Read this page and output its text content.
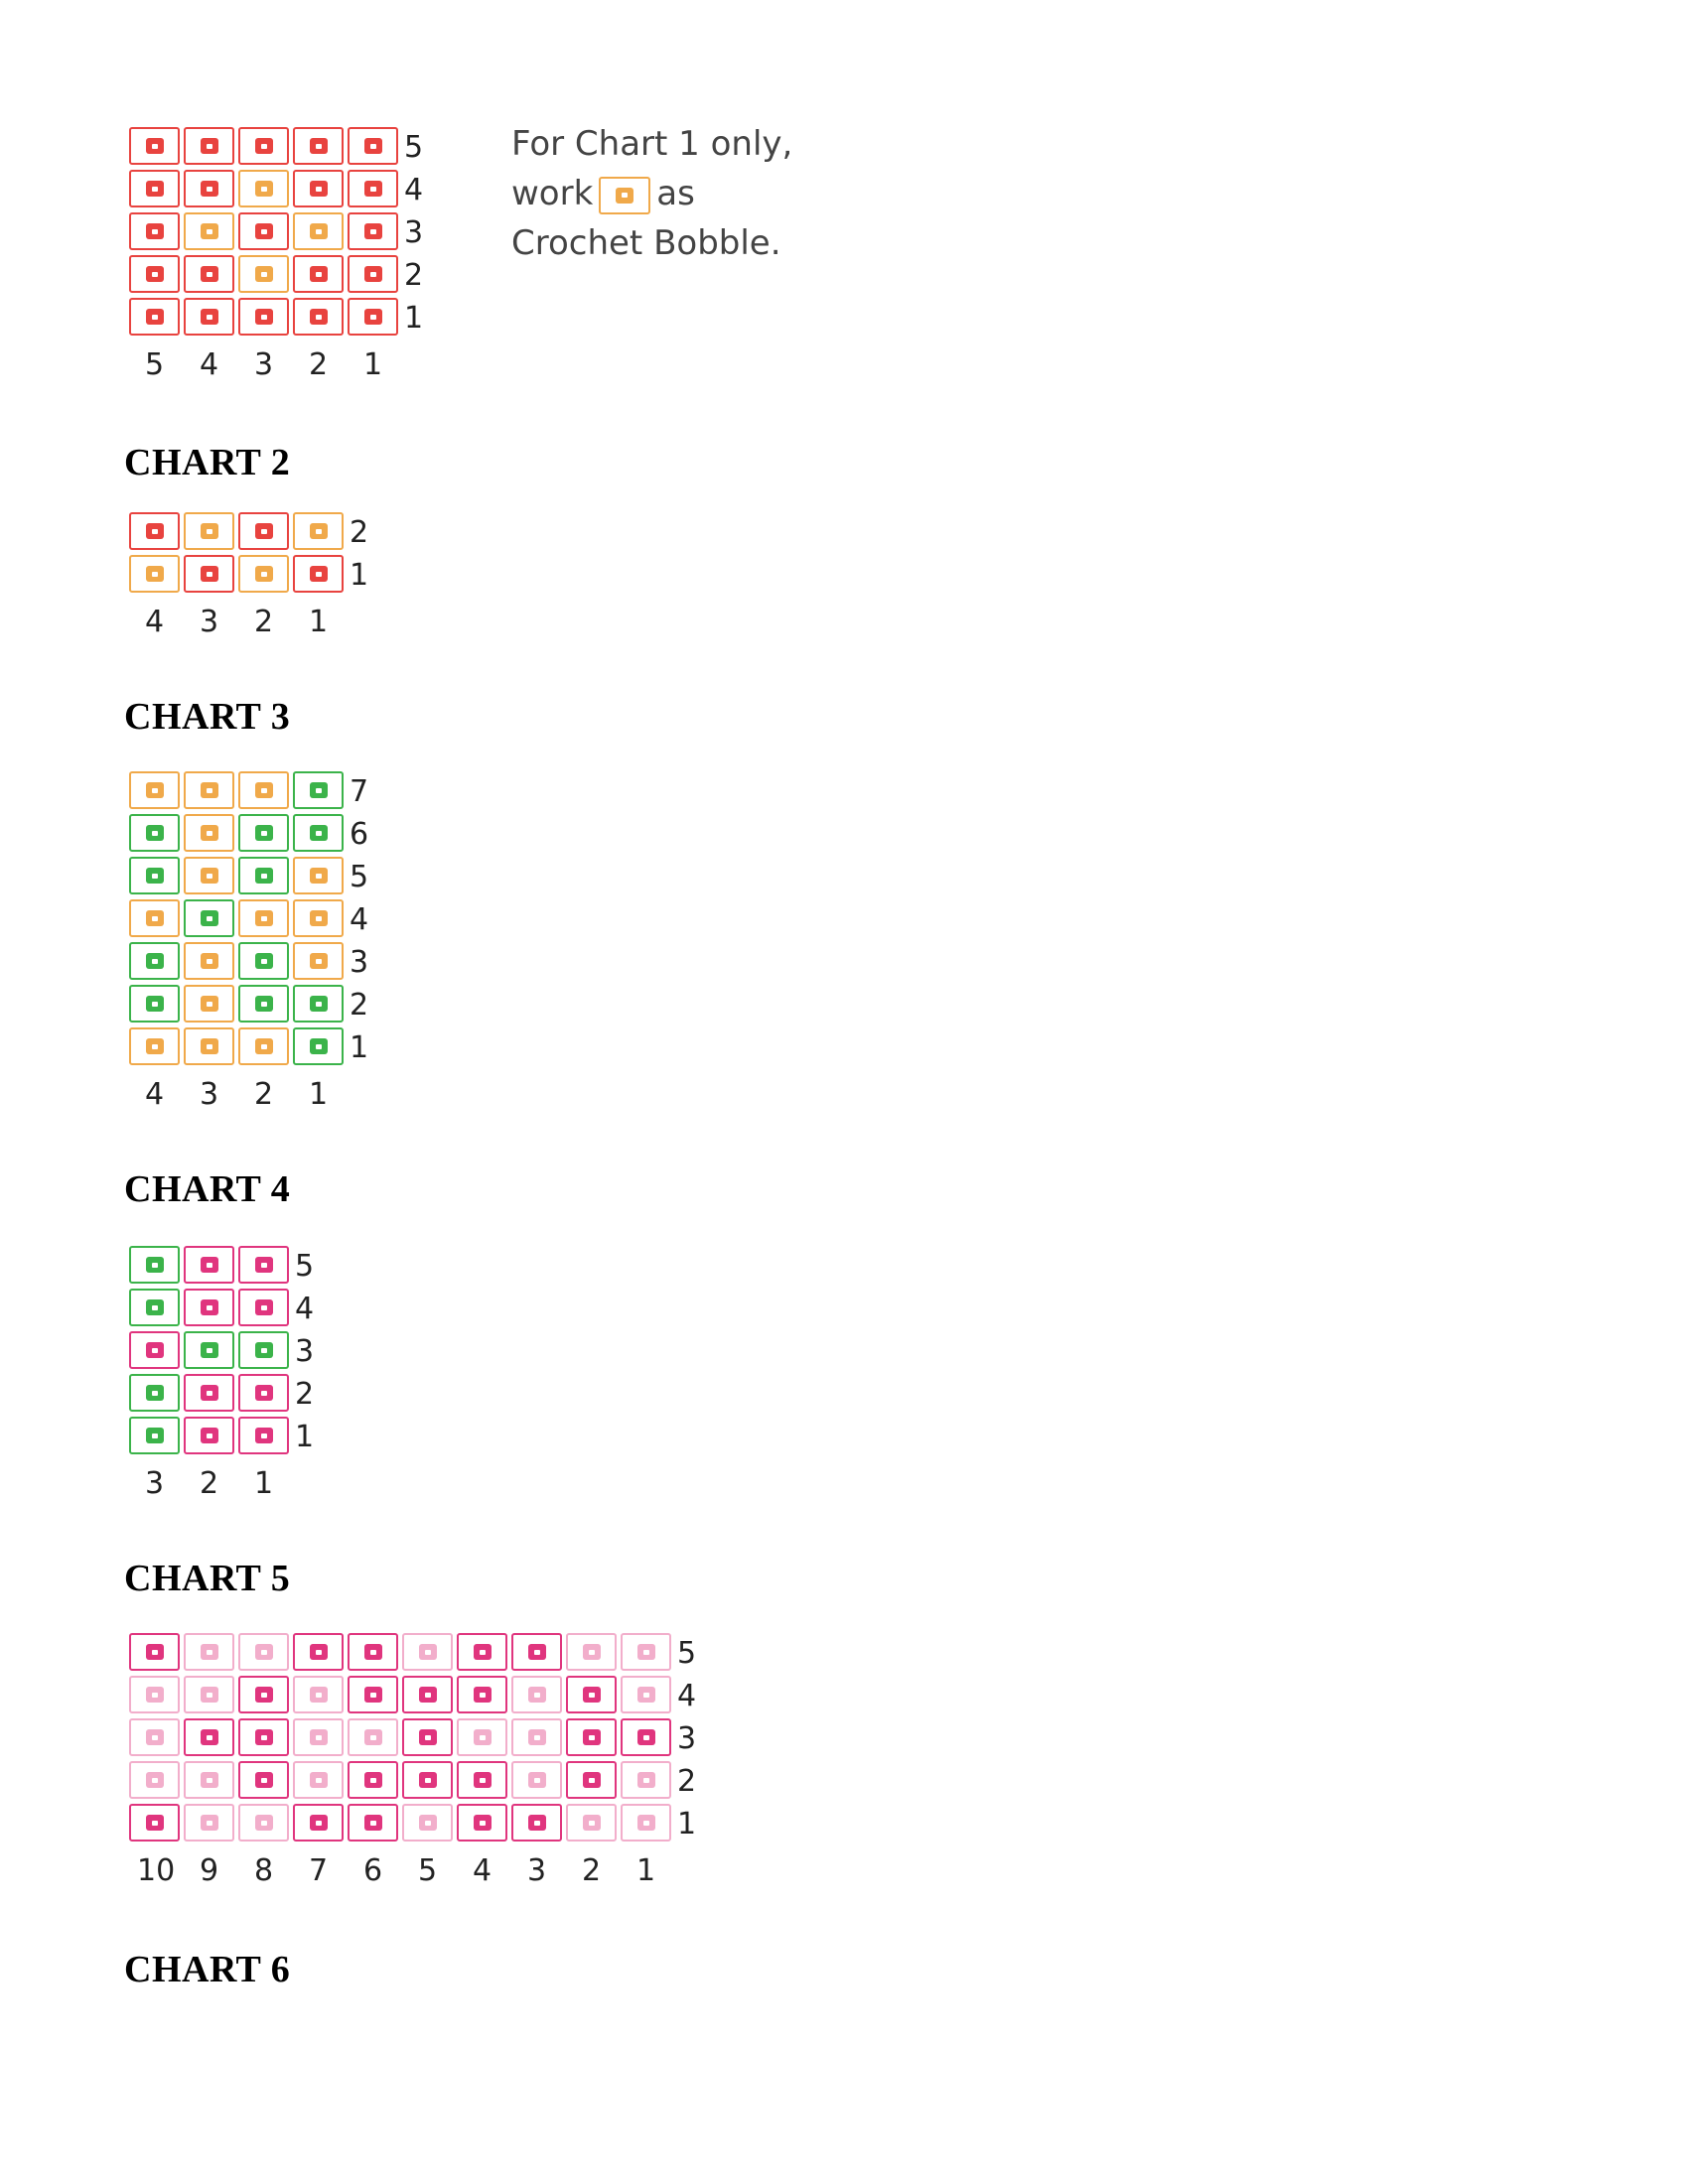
5
4
3
2
1
5 4 3 2 1
For Chart 1 only,
work as
Crochet Bobble.
CHART 2
2
1
4 3 2 1
CHART 3
7
6
5
4
3
2
1
4 3 2 1
CHART 4
5
4
3
2
1
3 2 1
CHART 5
5
4
3
2
1
10 9 8 7 6 5 4 3 2 1
CHART 6
